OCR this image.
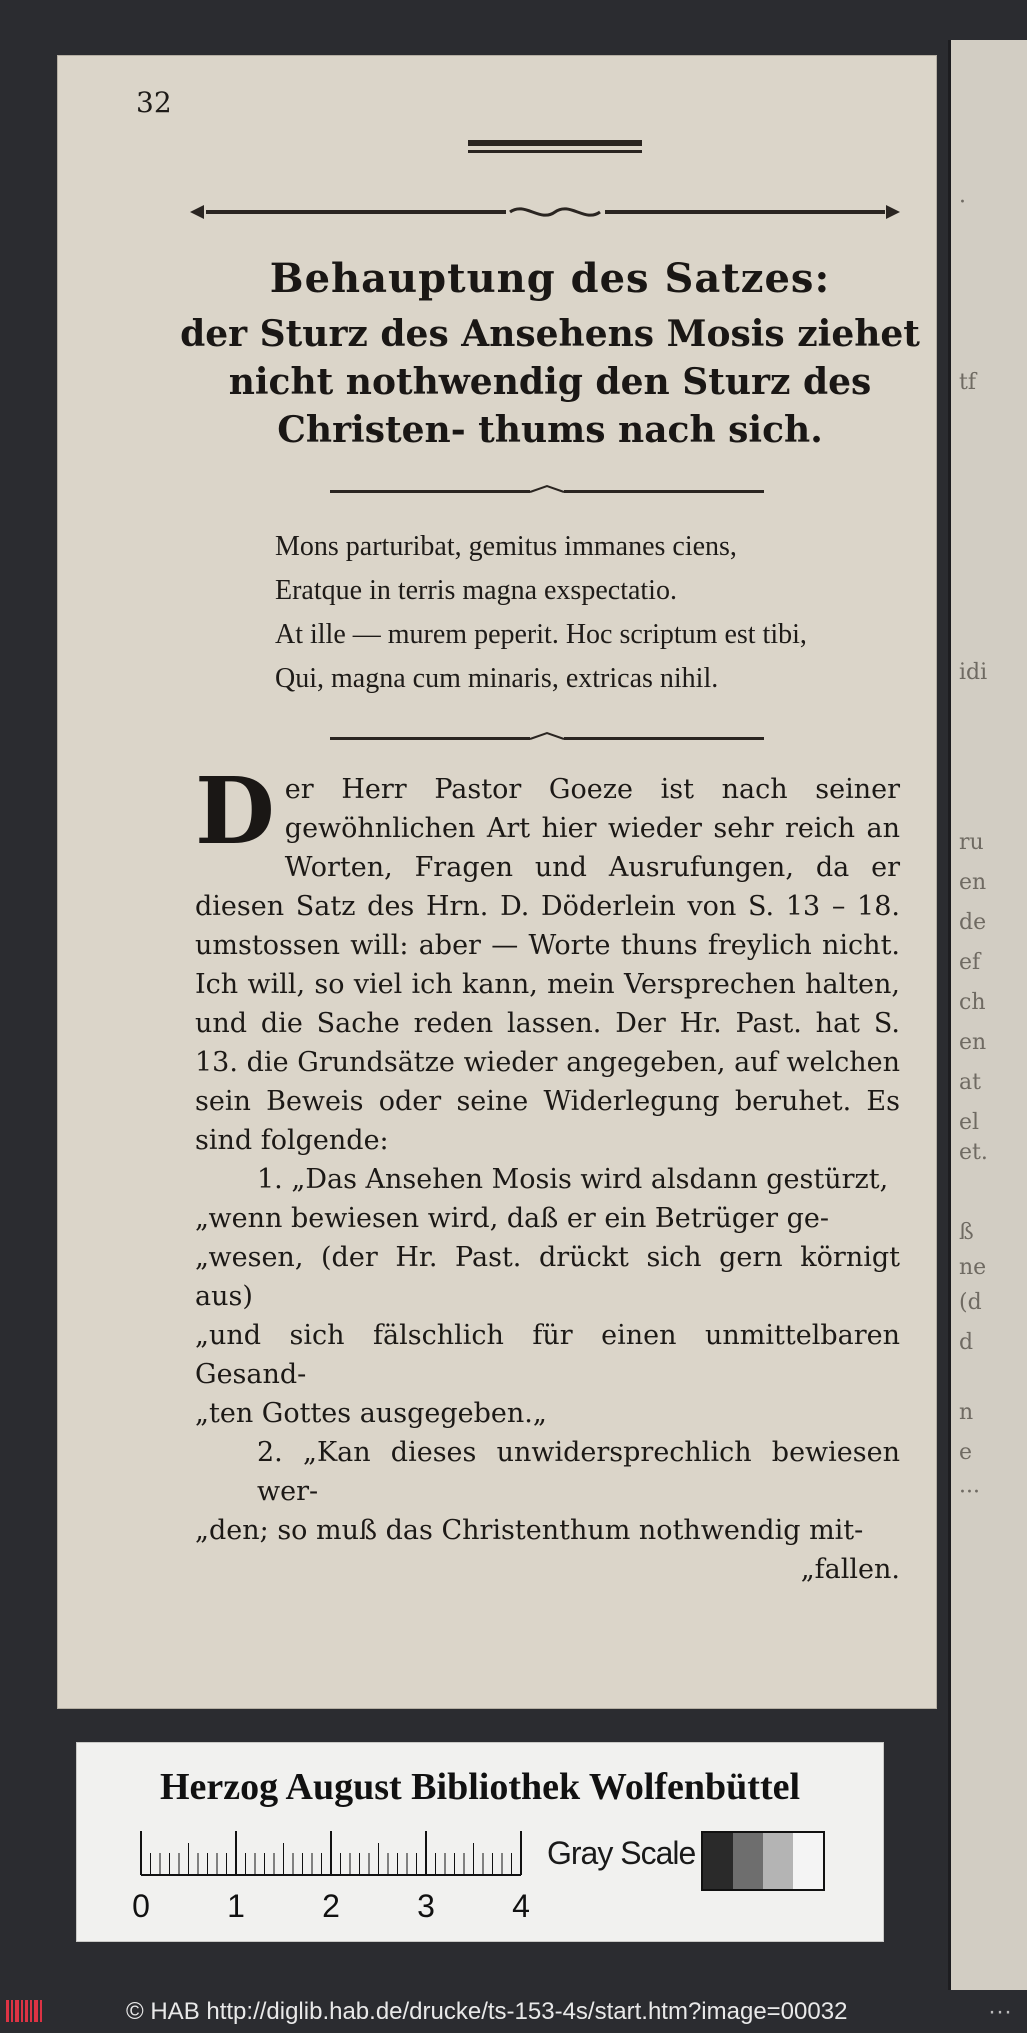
·
tf
idi
ru
en
de
ef
ch
en
at
el
et.
ß
ne
(d
d
n
e
···
32
Behauptung des Satzes:
der Sturz des Ansehens Mosis ziehet nicht nothwendig den Sturz des Christen- thums nach sich.
Mons parturibat, gemitus immanes ciens,
Eratque in terris magna exspectatio.
At ille — murem peperit. Hoc scriptum est tibi,
Qui, magna cum minaris, extricas nihil.

D er Herr Pastor Goeze ist nach seiner gewöhnlichen Art hier wieder sehr reich an Worten, Fragen und Ausrufungen, da er diesen Satz des Hrn. D. Döderlein von S. 13 – 18. umstossen will: aber — Worte thuns freylich nicht. Ich will, so viel ich kann, mein Versprechen halten, und die Sache reden lassen. Der Hr. Past. hat S. 13. die Grundsätze wieder angegeben, auf welchen sein Beweis oder seine Widerlegung beruhet. Es sind folgende:

1. „Das Ansehen Mosis wird alsdann gestürzt,
„wenn bewiesen wird, daß er ein Betrüger ge-
„wesen, (der Hr. Past. drückt sich gern körnigt aus)
„und sich fälschlich für einen unmittelbaren Gesand-
„ten Gottes ausgegeben.„
2. „Kan dieses unwidersprechlich bewiesen wer-
„den; so muß das Christenthum nothwendig mit-
„fallen.
Herzog August Bibliothek Wolfenbüttel
0 1 2 3 4
Gray Scale
© HAB http://diglib.hab.de/drucke/ts-153-4s/start.htm?image=00032	···
